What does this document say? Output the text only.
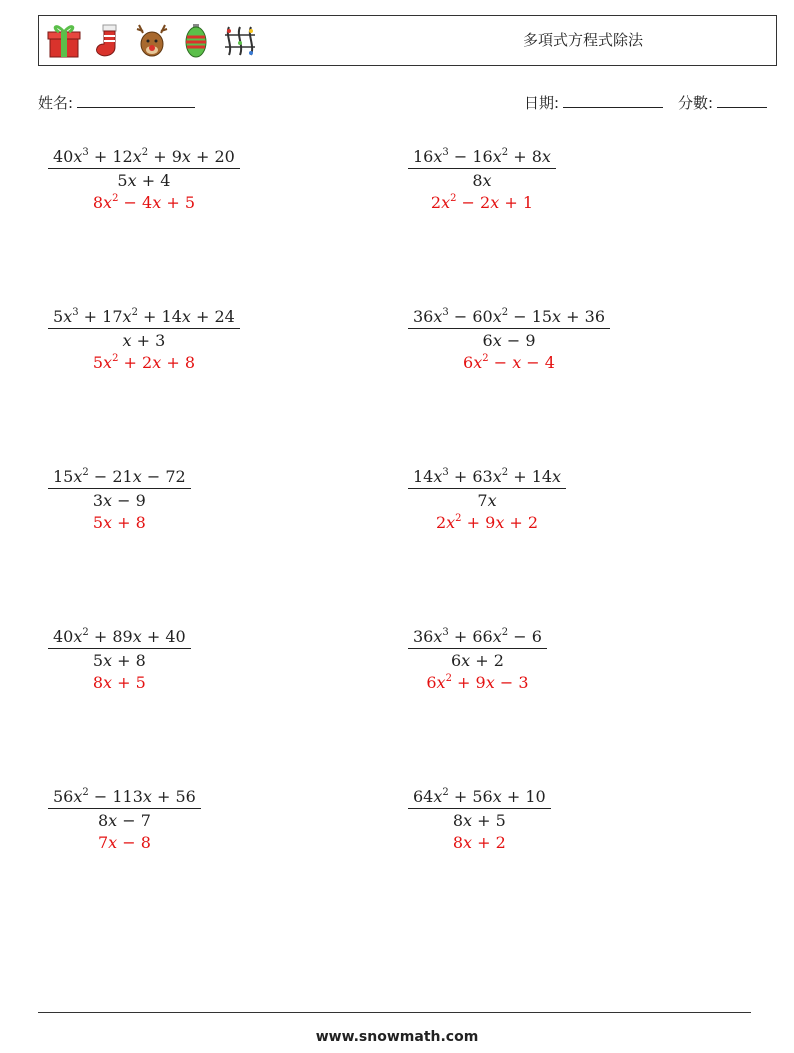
多項式方程式除法
姓名:	日期:	分數:
$40x^3 + 12x^2 + 9x + 20$
5x + 4
$8x^2 - 4x + 5$
$16x^3 - 16x^2 + 8x$
8x
$2x^2 - 2x + 1$
$5x^3 + 17x^2 + 14x + 24$
x + 3
$5x^2 + 2x + 8$
$36x^3 - 60x^2 - 15x + 36$
6x − 9
$6x^2 - x - 4$
$15x^2 - 21x - 72$
3x − 9
5x + 8
$14x^3 + 63x^2 + 14x$
7x
$2x^2 + 9x + 2$
$40x^2 + 89x + 40$
5x + 8
8x + 5
$36x^3 + 66x^2 - 6$
6x + 2
$6x^2 + 9x - 3$
$56x^2 - 113x + 56$
8x − 7
7x − 8
$64x^2 + 56x + 10$
8x + 5
8x + 2
www.snowmath.com
